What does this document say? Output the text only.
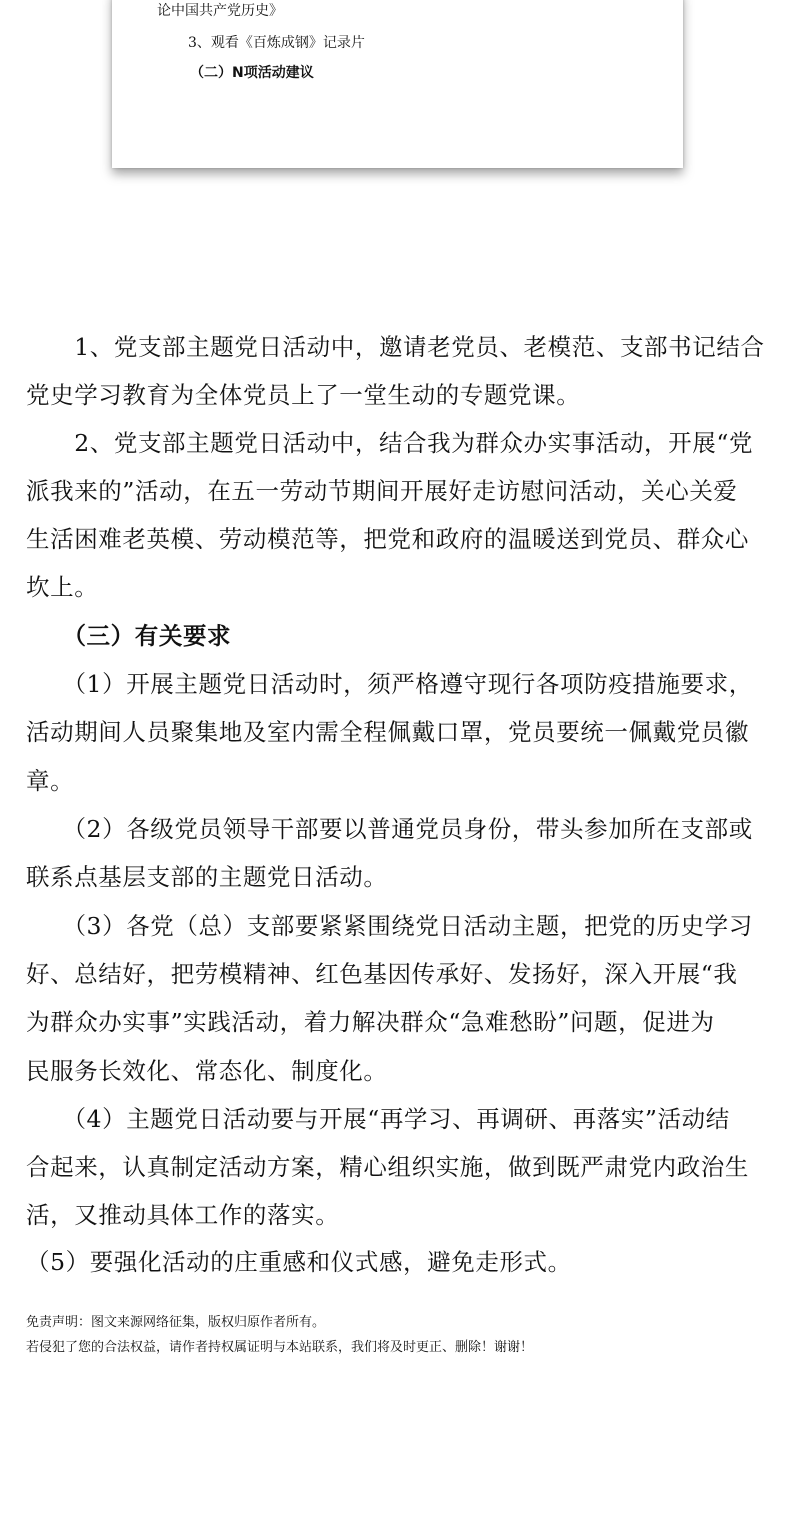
论中国共产党历史》
3、观看《百炼成钢》记录片
（二）N项活动建议
　　1、党支部主题党日活动中，邀请老党员、老模范、支部书记结合
党史学习教育为全体党员上了一堂生动的专题党课。
　　2、党支部主题党日活动中，结合我为群众办实事活动，开展“党
派我来的”活动，在五一劳动节期间开展好走访慰问活动，关心关爱
生活困难老英模、劳动模范等，把党和政府的温暖送到党员、群众心
坎上。
　　（三）有关要求
　　（1）开展主题党日活动时，须严格遵守现行各项防疫措施要求，
活动期间人员聚集地及室内需全程佩戴口罩，党员要统一佩戴党员徽
章。
　　（2）各级党员领导干部要以普通党员身份，带头参加所在支部或
联系点基层支部的主题党日活动。
　　（3）各党（总）支部要紧紧围绕党日活动主题，把党的历史学习
好、总结好，把劳模精神、红色基因传承好、发扬好，深入开展“我
为群众办实事”实践活动，着力解决群众“急难愁盼”问题，促进为
民服务长效化、常态化、制度化。
　　（4）主题党日活动要与开展“再学习、再调研、再落实”活动结
合起来，认真制定活动方案，精心组织实施，做到既严肃党内政治生
活，又推动具体工作的落实。
（5）要强化活动的庄重感和仪式感，避免走形式。
免责声明：图文来源网络征集，版权归原作者所有。
若侵犯了您的合法权益，请作者持权属证明与本站联系，我们将及时更正、删除！谢谢！
